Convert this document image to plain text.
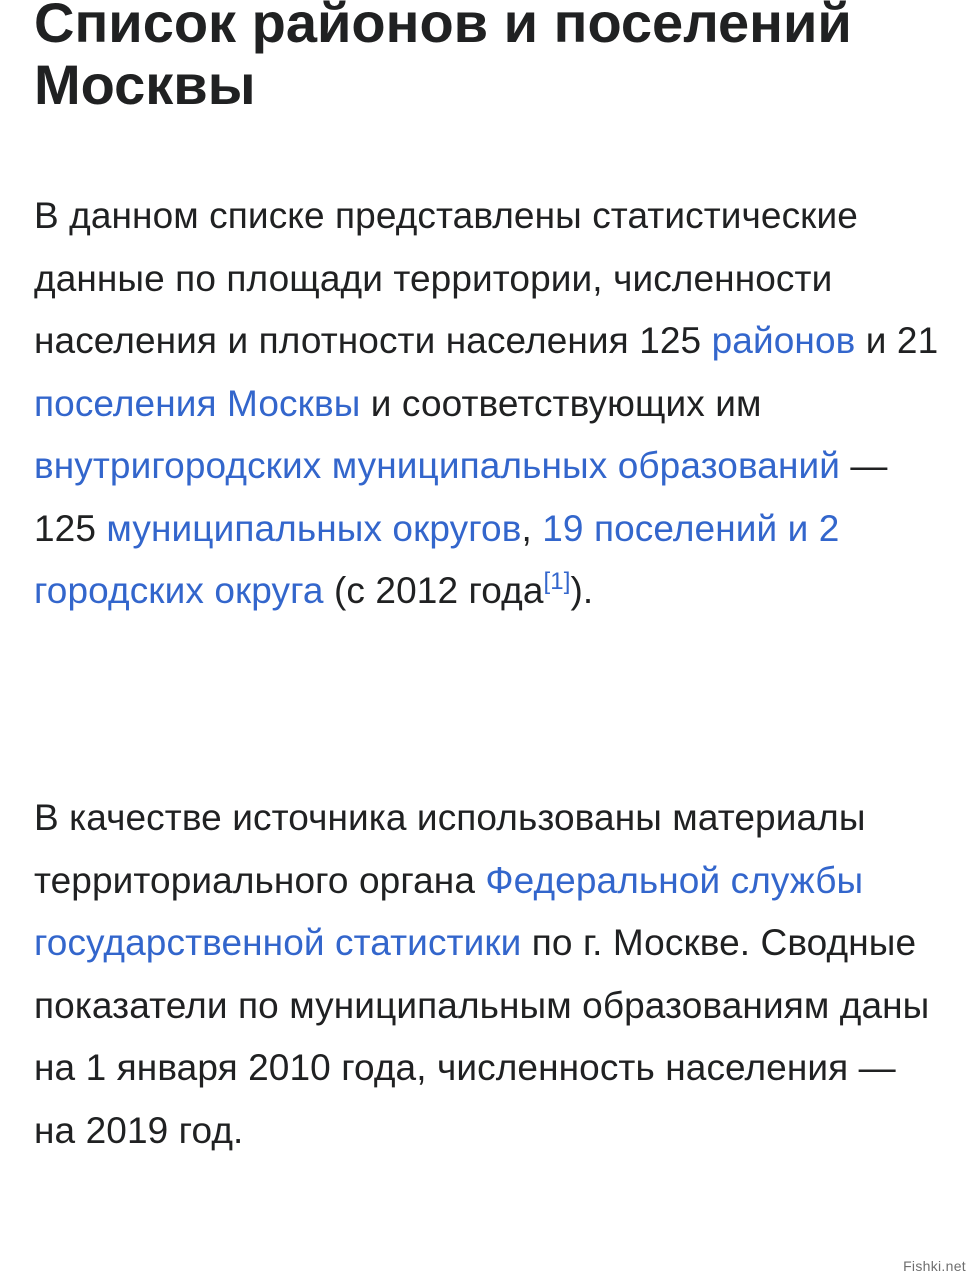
Список районов и поселений Москвы

В данном списке представлены статистические данные по площади территории, численности населения и плотности населения 125 районов и 21 поселения Москвы и соответствующих им внутригородских муниципальных образований — 125 муниципальных округов, 19 поселений и 2 городских округа (с 2012 года[1]).

В качестве источника использованы материалы территориального органа Федеральной службы государственной статистики по г. Москве. Сводные показатели по муниципальным образованиям даны на 1 января 2010 года, численность населения — на 2019 год.

Fishki.net
